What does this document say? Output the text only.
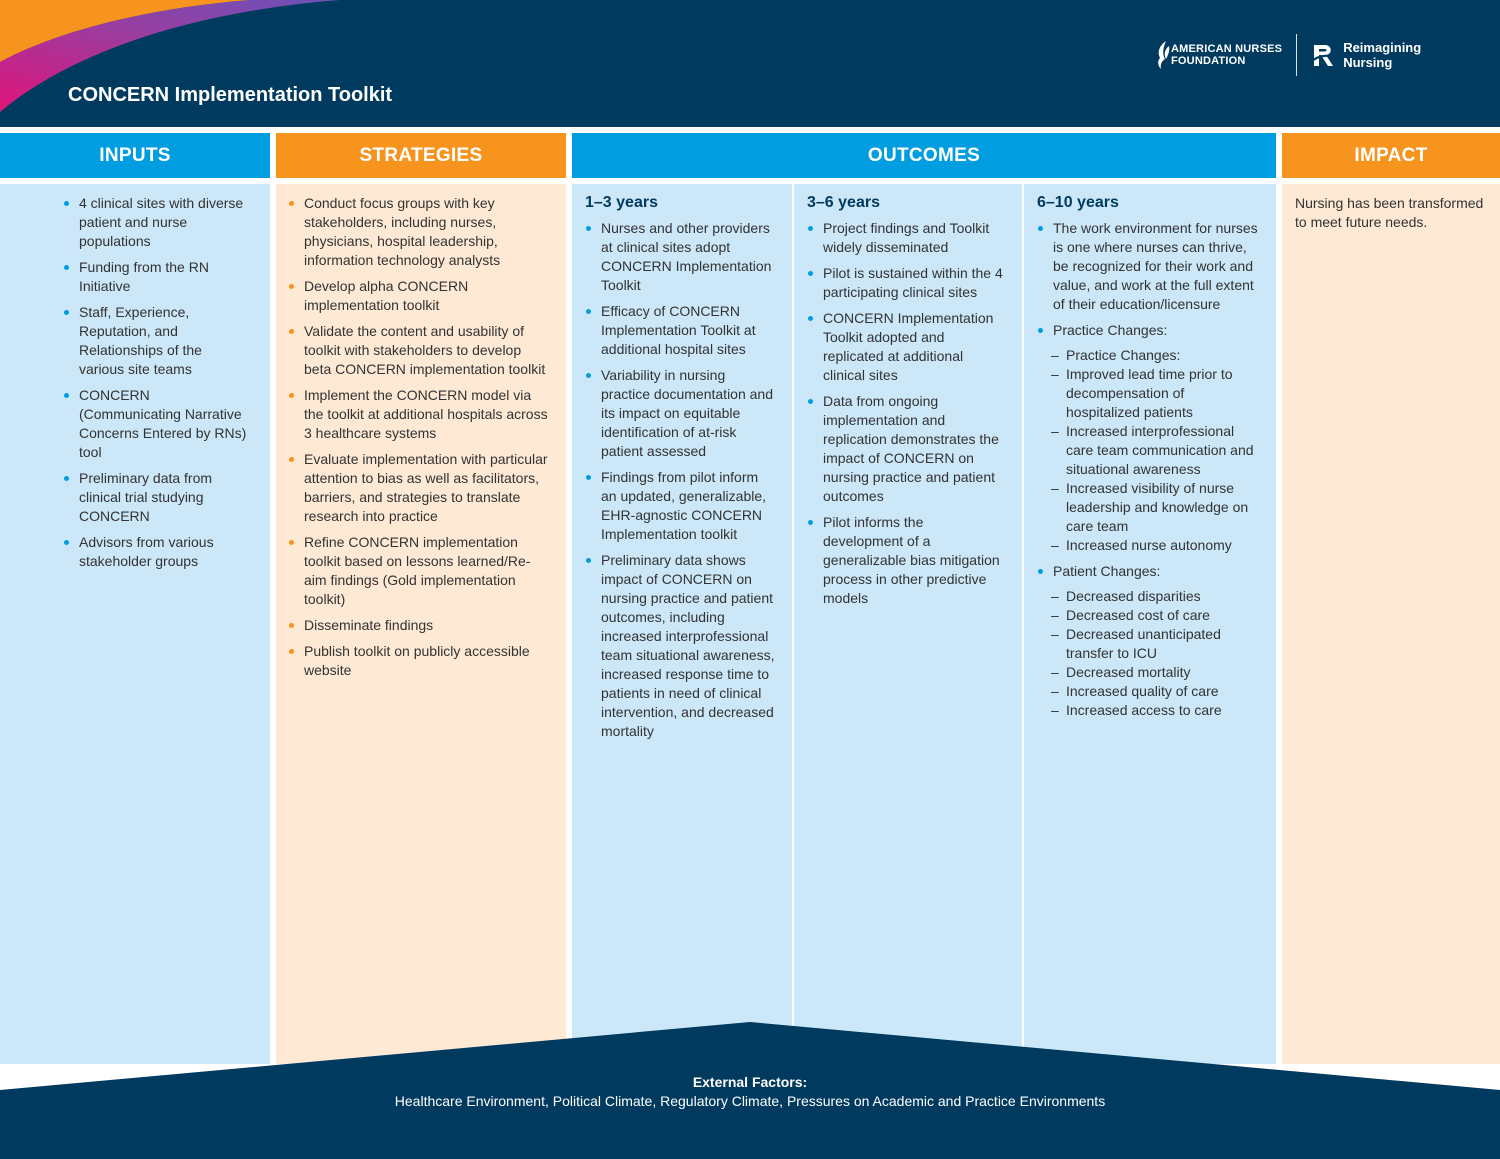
CONCERN Implementation Toolkit
AMERICAN NURSES
FOUNDATION
Reimagining
Nursing
INPUTS	STRATEGIES	OUTCOMES	IMPACT
4 clinical sites with diverse patient and nurse populations
Funding from the RN Initiative
Staff, Experience, Reputation, and Relationships of the various site teams
CONCERN (Communicating Narrative Concerns Entered by RNs) tool
Preliminary data from clinical trial studying CONCERN
Advisors from various stakeholder groups
Conduct focus groups with key stakeholders, including nurses, physicians, hospital leadership, information technology analysts
Develop alpha CONCERN implementation toolkit
Validate the content and usability of toolkit with stakeholders to develop beta CONCERN implementation toolkit
Implement the CONCERN model via the toolkit at additional hospitals across 3 healthcare systems
Evaluate implementation with particular attention to bias as well as facilitators, barriers, and strategies to translate research into practice
Refine CONCERN implementation toolkit based on lessons learned/Re-aim findings (Gold implementation toolkit)
Disseminate findings
Publish toolkit on publicly accessible website
1–3 years
Nurses and other providers at clinical sites adopt CONCERN Implementation Toolkit
Efficacy of CONCERN Implementation Toolkit at additional hospital sites
Variability in nursing practice documentation and its impact on equitable identification of at-risk patient assessed
Findings from pilot inform an updated, generalizable, EHR-agnostic CONCERN Implementation toolkit
Preliminary data shows impact of CONCERN on nursing practice and patient outcomes, including increased interprofessional team situational awareness, increased response time to patients in need of clinical intervention, and decreased mortality
3–6 years
Project findings and Toolkit widely disseminated
Pilot is sustained within the 4 participating clinical sites
CONCERN Implementation Toolkit adopted and replicated at additional clinical sites
Data from ongoing implementation and replication demonstrates the impact of CONCERN on nursing practice and patient outcomes
Pilot informs the development of a generalizable bias mitigation process in other predictive models
6–10 years
The work environment for nurses is one where nurses can thrive, be recognized for their work and value, and work at the full extent of their education/licensure
Practice Changes:
– Practice Changes:
– Improved lead time prior to decompensation of hospitalized patients
– Increased interprofessional care team communication and situational awareness
– Increased visibility of nurse leadership and knowledge on care team
– Increased nurse autonomy
Patient Changes:
– Decreased disparities
– Decreased cost of care
– Decreased unanticipated transfer to ICU
– Decreased mortality
– Increased quality of care
– Increased access to care
Nursing has been transformed to meet future needs.
External Factors:
Healthcare Environment, Political Climate, Regulatory Climate, Pressures on Academic and Practice Environments
